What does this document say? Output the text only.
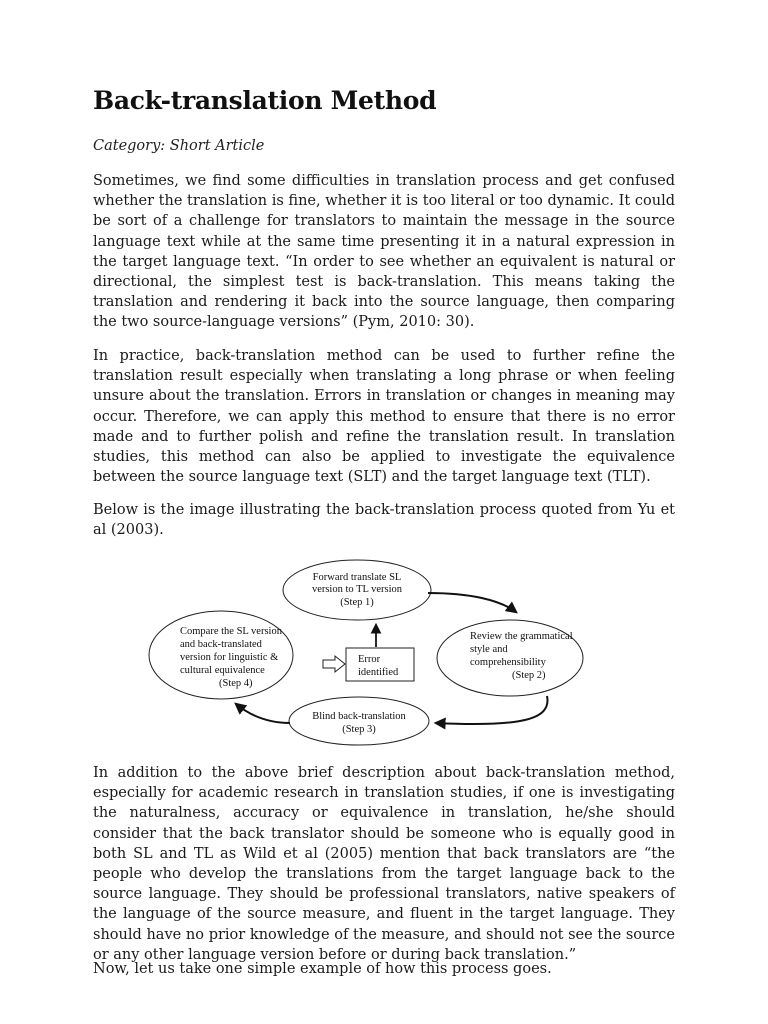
Back-translation Method

Category: Short Article

Sometimes, we find some difficulties in translation process and get confused whether the translation is fine, whether it is too literal or too dynamic. It could be sort of a challenge for translators to maintain the message in the source language text while at the same time presenting it in a natural expression in the target language text. “In order to see whether an equivalent is natural or directional, the simplest test is back-translation. This means taking the translation and rendering it back into the source language, then comparing the two source-language versions” (Pym, 2010: 30).

In practice, back-translation method can be used to further refine the translation result especially when translating a long phrase or when feeling unsure about the translation. Errors in translation or changes in meaning may occur. Therefore, we can apply this method to ensure that there is no error made and to further polish and refine the translation result. In translation studies, this method can also be applied to investigate the equivalence between the source language text (SLT) and the target language text (TLT).

Below is the image illustrating the back-translation process quoted from Yu et al (2003).

Forward translate SL
version to TL version
(Step 1)
Review the grammatical
style and
comprehensibility
(Step 2)
Blind back-translation
(Step 3)
Compare the SL version
and back-translated
version for linguistic &
cultural equivalence
(Step 4)
Error
identified

In addition to the above brief description about back-translation method, especially for academic research in translation studies, if one is investigating the naturalness, accuracy or equivalence in translation, he/she should consider that the back translator should be someone who is equally good in both SL and TL as Wild et al (2005) mention that back translators are “the people who develop the translations from the target language back to the source language. They should be professional translators, native speakers of the language of the source measure, and fluent in the target language. They should have no prior knowledge of the measure, and should not see the source or any other language version before or during back translation.”

Now, let us take one simple example of how this process goes.
